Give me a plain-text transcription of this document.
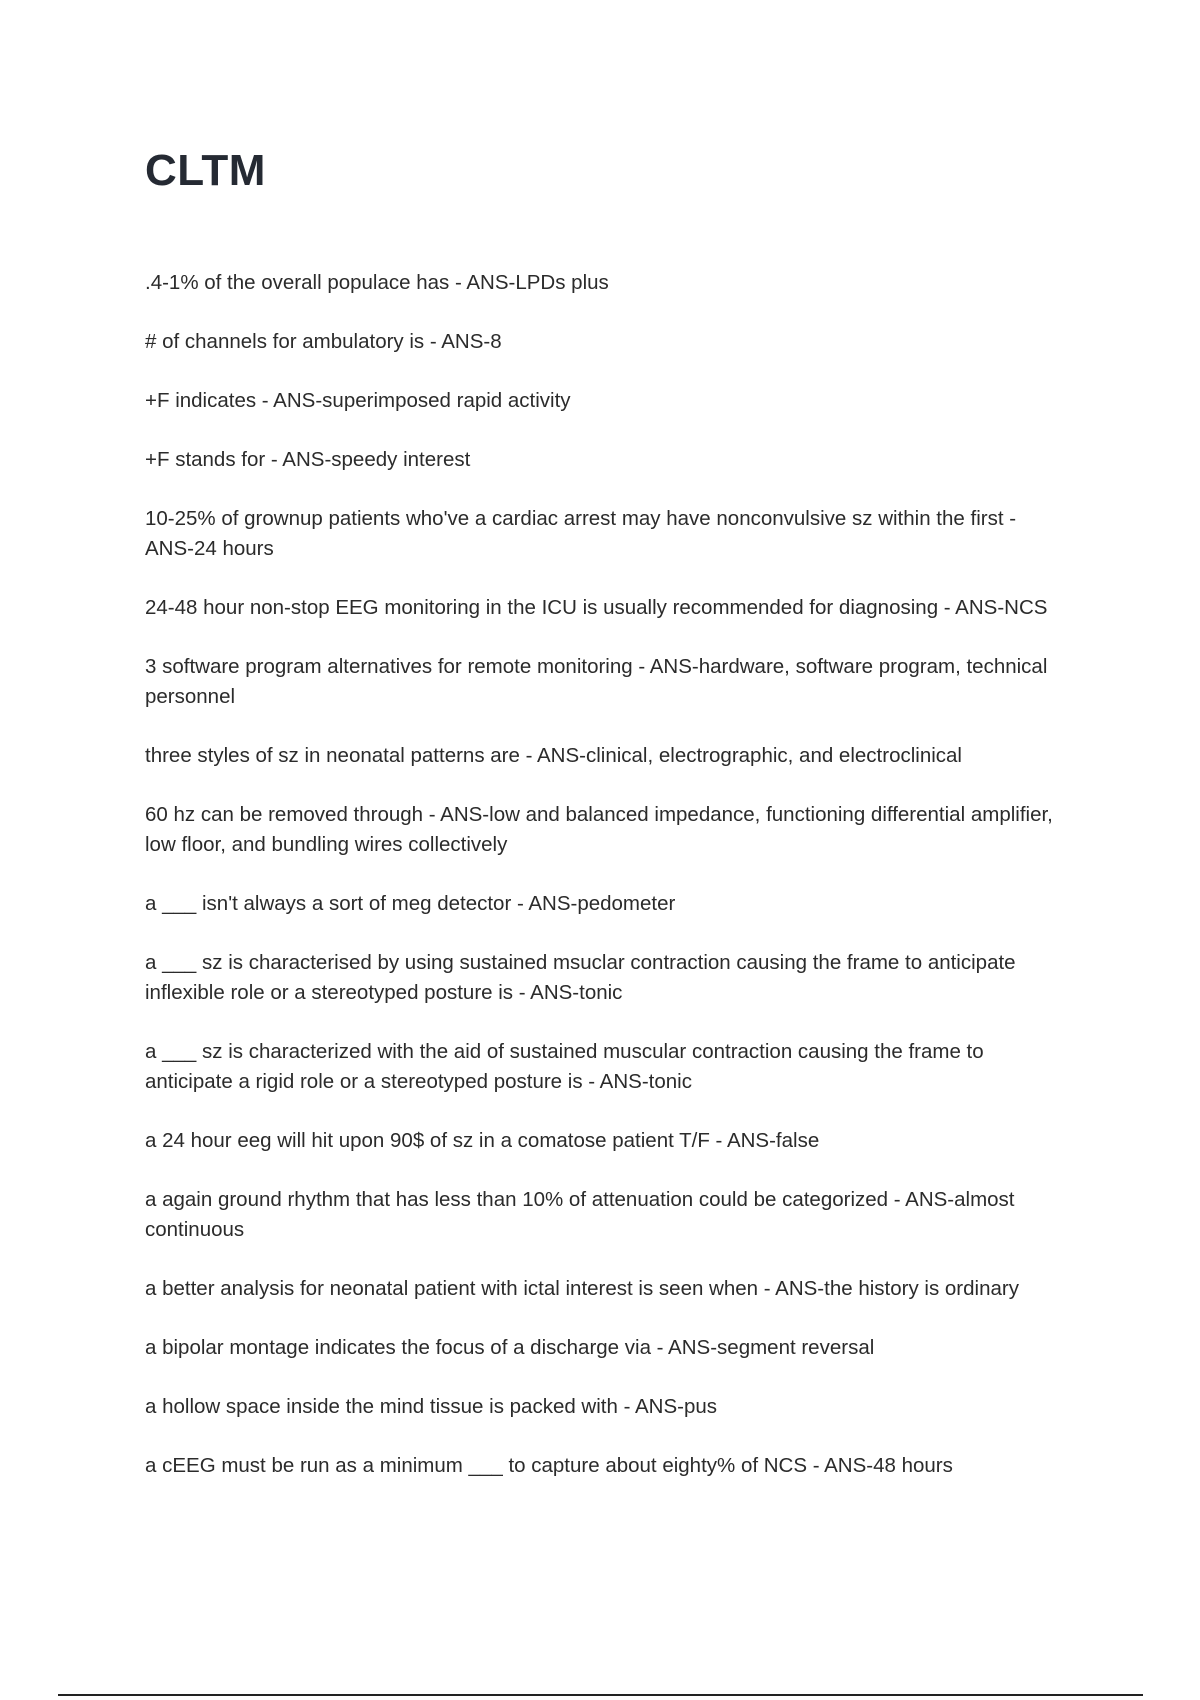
CLTM
.4-1% of the overall populace has - ANS-LPDs plus
# of channels for ambulatory is - ANS-8
+F indicates - ANS-superimposed rapid activity
+F stands for - ANS-speedy interest
10-25% of grownup patients who've a cardiac arrest may have nonconvulsive sz within the first - ANS-24 hours
24-48 hour non-stop EEG monitoring in the ICU is usually recommended for diagnosing - ANS-NCS
3 software program alternatives for remote monitoring - ANS-hardware, software program, technical personnel
three styles of sz in neonatal patterns are - ANS-clinical, electrographic, and electroclinical
60 hz can be removed through - ANS-low and balanced impedance, functioning differential amplifier, low floor, and bundling wires collectively
a ___ isn't always a sort of meg detector - ANS-pedometer
a ___ sz is characterised by using sustained msuclar contraction causing the frame to anticipate inflexible role or a stereotyped posture is - ANS-tonic
a ___ sz is characterized with the aid of sustained muscular contraction causing the frame to anticipate a rigid role or a stereotyped posture is - ANS-tonic
a 24 hour eeg will hit upon 90$ of sz in a comatose patient T/F - ANS-false
a again ground rhythm that has less than 10% of attenuation could be categorized - ANS-almost continuous
a better analysis for neonatal patient with ictal interest is seen when - ANS-the history is ordinary
a bipolar montage indicates the focus of a discharge via - ANS-segment reversal
a hollow space inside the mind tissue is packed with - ANS-pus
a cEEG must be run as a minimum ___ to capture about eighty% of NCS - ANS-48 hours
